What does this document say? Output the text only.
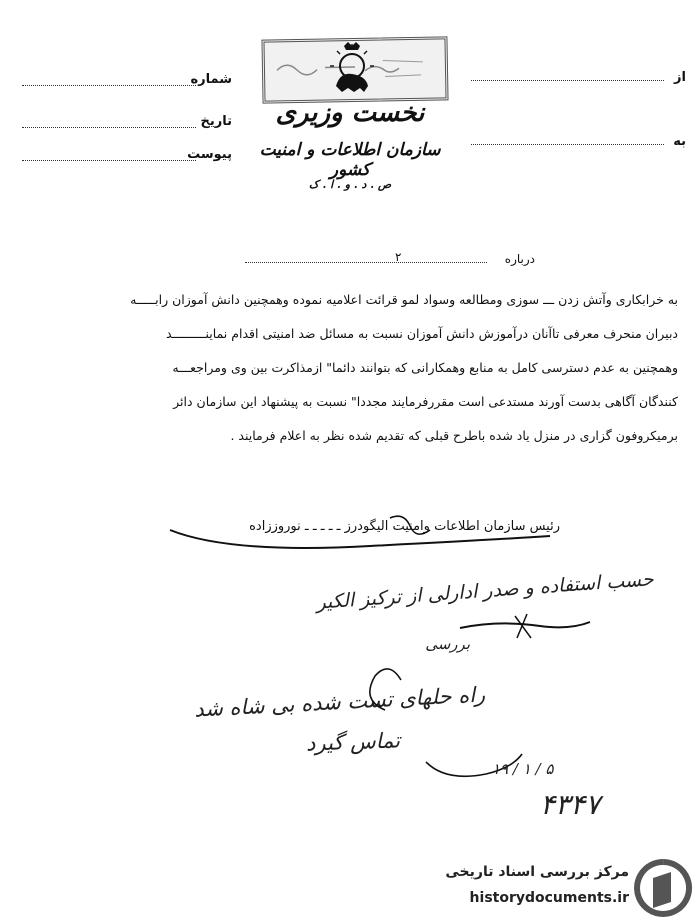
شماره
تاریخ
پیوست
از
به
نخست وزیری
سازمان اطلاعات و امنیت کشور
ص . د . و . ا . ک
درباره
۲

به خرابکاری وآتش زدن ـــ سوزی ومطالعه وسواد لمو قرائت اعلامیه نموده وهمچنین دانش آموزان رابـــــه

دبیران منحرف معرفی تاآنان درآموزش دانش آموزان نسبت به مسائل ضد امنیتی اقدام نماینـــــــــد

وهمچنین به عدم دسترسی کامل به منابع وهمکارانی که بتوانند دائما" ازمذاکرت بین وی ومراجعـــه

کنندگان آگاهی بدست آورند مستدعی است مقررفرمایند مجددا" نسبت به پیشنهاد این سازمان دائر

برمیکروفون گزاری در منزل یاد شده باطرح قبلی که تقدیم شده نظر به اعلام فرمایند .

رئیس سازمان اطلاعات وامنیت الیگودرز ـ ـ ـ ـ ـ نوروززاده
حسب استفاده و صدر ادارلی از ترکیز الکیر
بررسی
راه حلهای تست شده بی شاه شد
تماس گیرد
۱۹ / ۱ / ۵
۴۳۴۷
مرکز بررسی اسناد تاریخی
historydocuments.ir
